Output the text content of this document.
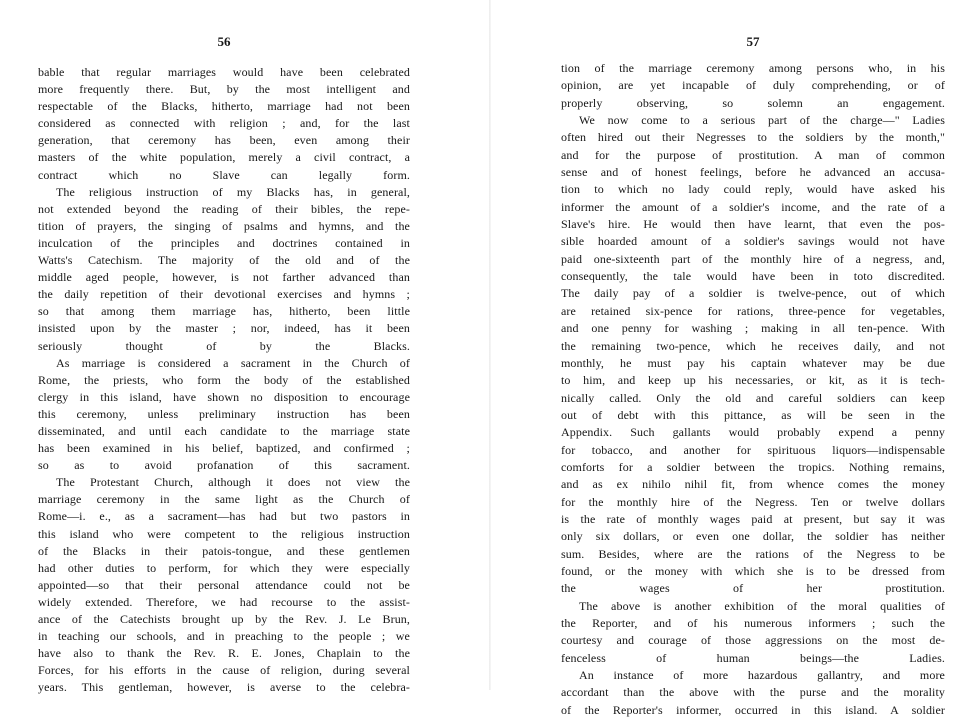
56
bable that regular marriages would have been celebrated
more frequently there. But, by the most intelligent and
respectable of the Blacks, hitherto, marriage had not been
considered as connected with religion ; and, for the last
generation, that ceremony has been, even among their
masters of the white population, merely a civil contract, a
contract which no Slave can legally form.
The religious instruction of my Blacks has, in general,
not extended beyond the reading of their bibles, the repe-
tition of prayers, the singing of psalms and hymns, and the
inculcation of the principles and doctrines contained in
Watts's Catechism. The majority of the old and of the
middle aged people, however, is not farther advanced than
the daily repetition of their devotional exercises and hymns ;
so that among them marriage has, hitherto, been little
insisted upon by the master ; nor, indeed, has it been
seriously thought of by the Blacks.
As marriage is considered a sacrament in the Church of
Rome, the priests, who form the body of the established
clergy in this island, have shown no disposition to encourage
this ceremony, unless preliminary instruction has been
disseminated, and until each candidate to the marriage state
has been examined in his belief, baptized, and confirmed ;
so as to avoid profanation of this sacrament.
The Protestant Church, although it does not view the
marriage ceremony in the same light as the Church of
Rome—i. e., as a sacrament—has had but two pastors in
this island who were competent to the religious instruction
of the Blacks in their patois-tongue, and these gentlemen
had other duties to perform, for which they were especially
appointed—so that their personal attendance could not be
widely extended. Therefore, we had recourse to the assist-
ance of the Catechists brought up by the Rev. J. Le Brun,
in teaching our schools, and in preaching to the people ; we
have also to thank the Rev. R. E. Jones, Chaplain to the
Forces, for his efforts in the cause of religion, during several
years. This gentleman, however, is averse to the celebra-
57
tion of the marriage ceremony among persons who, in his
opinion, are yet incapable of duly comprehending, or of
properly observing, so solemn an engagement.
We now come to a serious part of the charge—" Ladies
often hired out their Negresses to the soldiers by the month,"
and for the purpose of prostitution. A man of common
sense and of honest feelings, before he advanced an accusa-
tion to which no lady could reply, would have asked his
informer the amount of a soldier's income, and the rate of a
Slave's hire. He would then have learnt, that even the pos-
sible hoarded amount of a soldier's savings would not have
paid one-sixteenth part of the monthly hire of a negress, and,
consequently, the tale would have been in toto discredited.
The daily pay of a soldier is twelve-pence, out of which
are retained six-pence for rations, three-pence for vegetables,
and one penny for washing ; making in all ten-pence. With
the remaining two-pence, which he receives daily, and not
monthly, he must pay his captain whatever may be due
to him, and keep up his necessaries, or kit, as it is tech-
nically called. Only the old and careful soldiers can keep
out of debt with this pittance, as will be seen in the
Appendix. Such gallants would probably expend a penny
for tobacco, and another for spirituous liquors—indispensable
comforts for a soldier between the tropics. Nothing remains,
and as ex nihilo nihil fit, from whence comes the money
for the monthly hire of the Negress. Ten or twelve dollars
is the rate of monthly wages paid at present, but say it was
only six dollars, or even one dollar, the soldier has neither
sum. Besides, where are the rations of the Negress to be
found, or the money with which she is to be dressed from
the wages of her prostitution.
The above is another exhibition of the moral qualities of
the Reporter, and of his numerous informers ; such the
courtesy and courage of those aggressions on the most de-
fenceless of human beings—the Ladies.
An instance of more hazardous gallantry, and more
accordant than the above with the purse and the morality
of the Reporter's informer, occurred in this island. A soldier
